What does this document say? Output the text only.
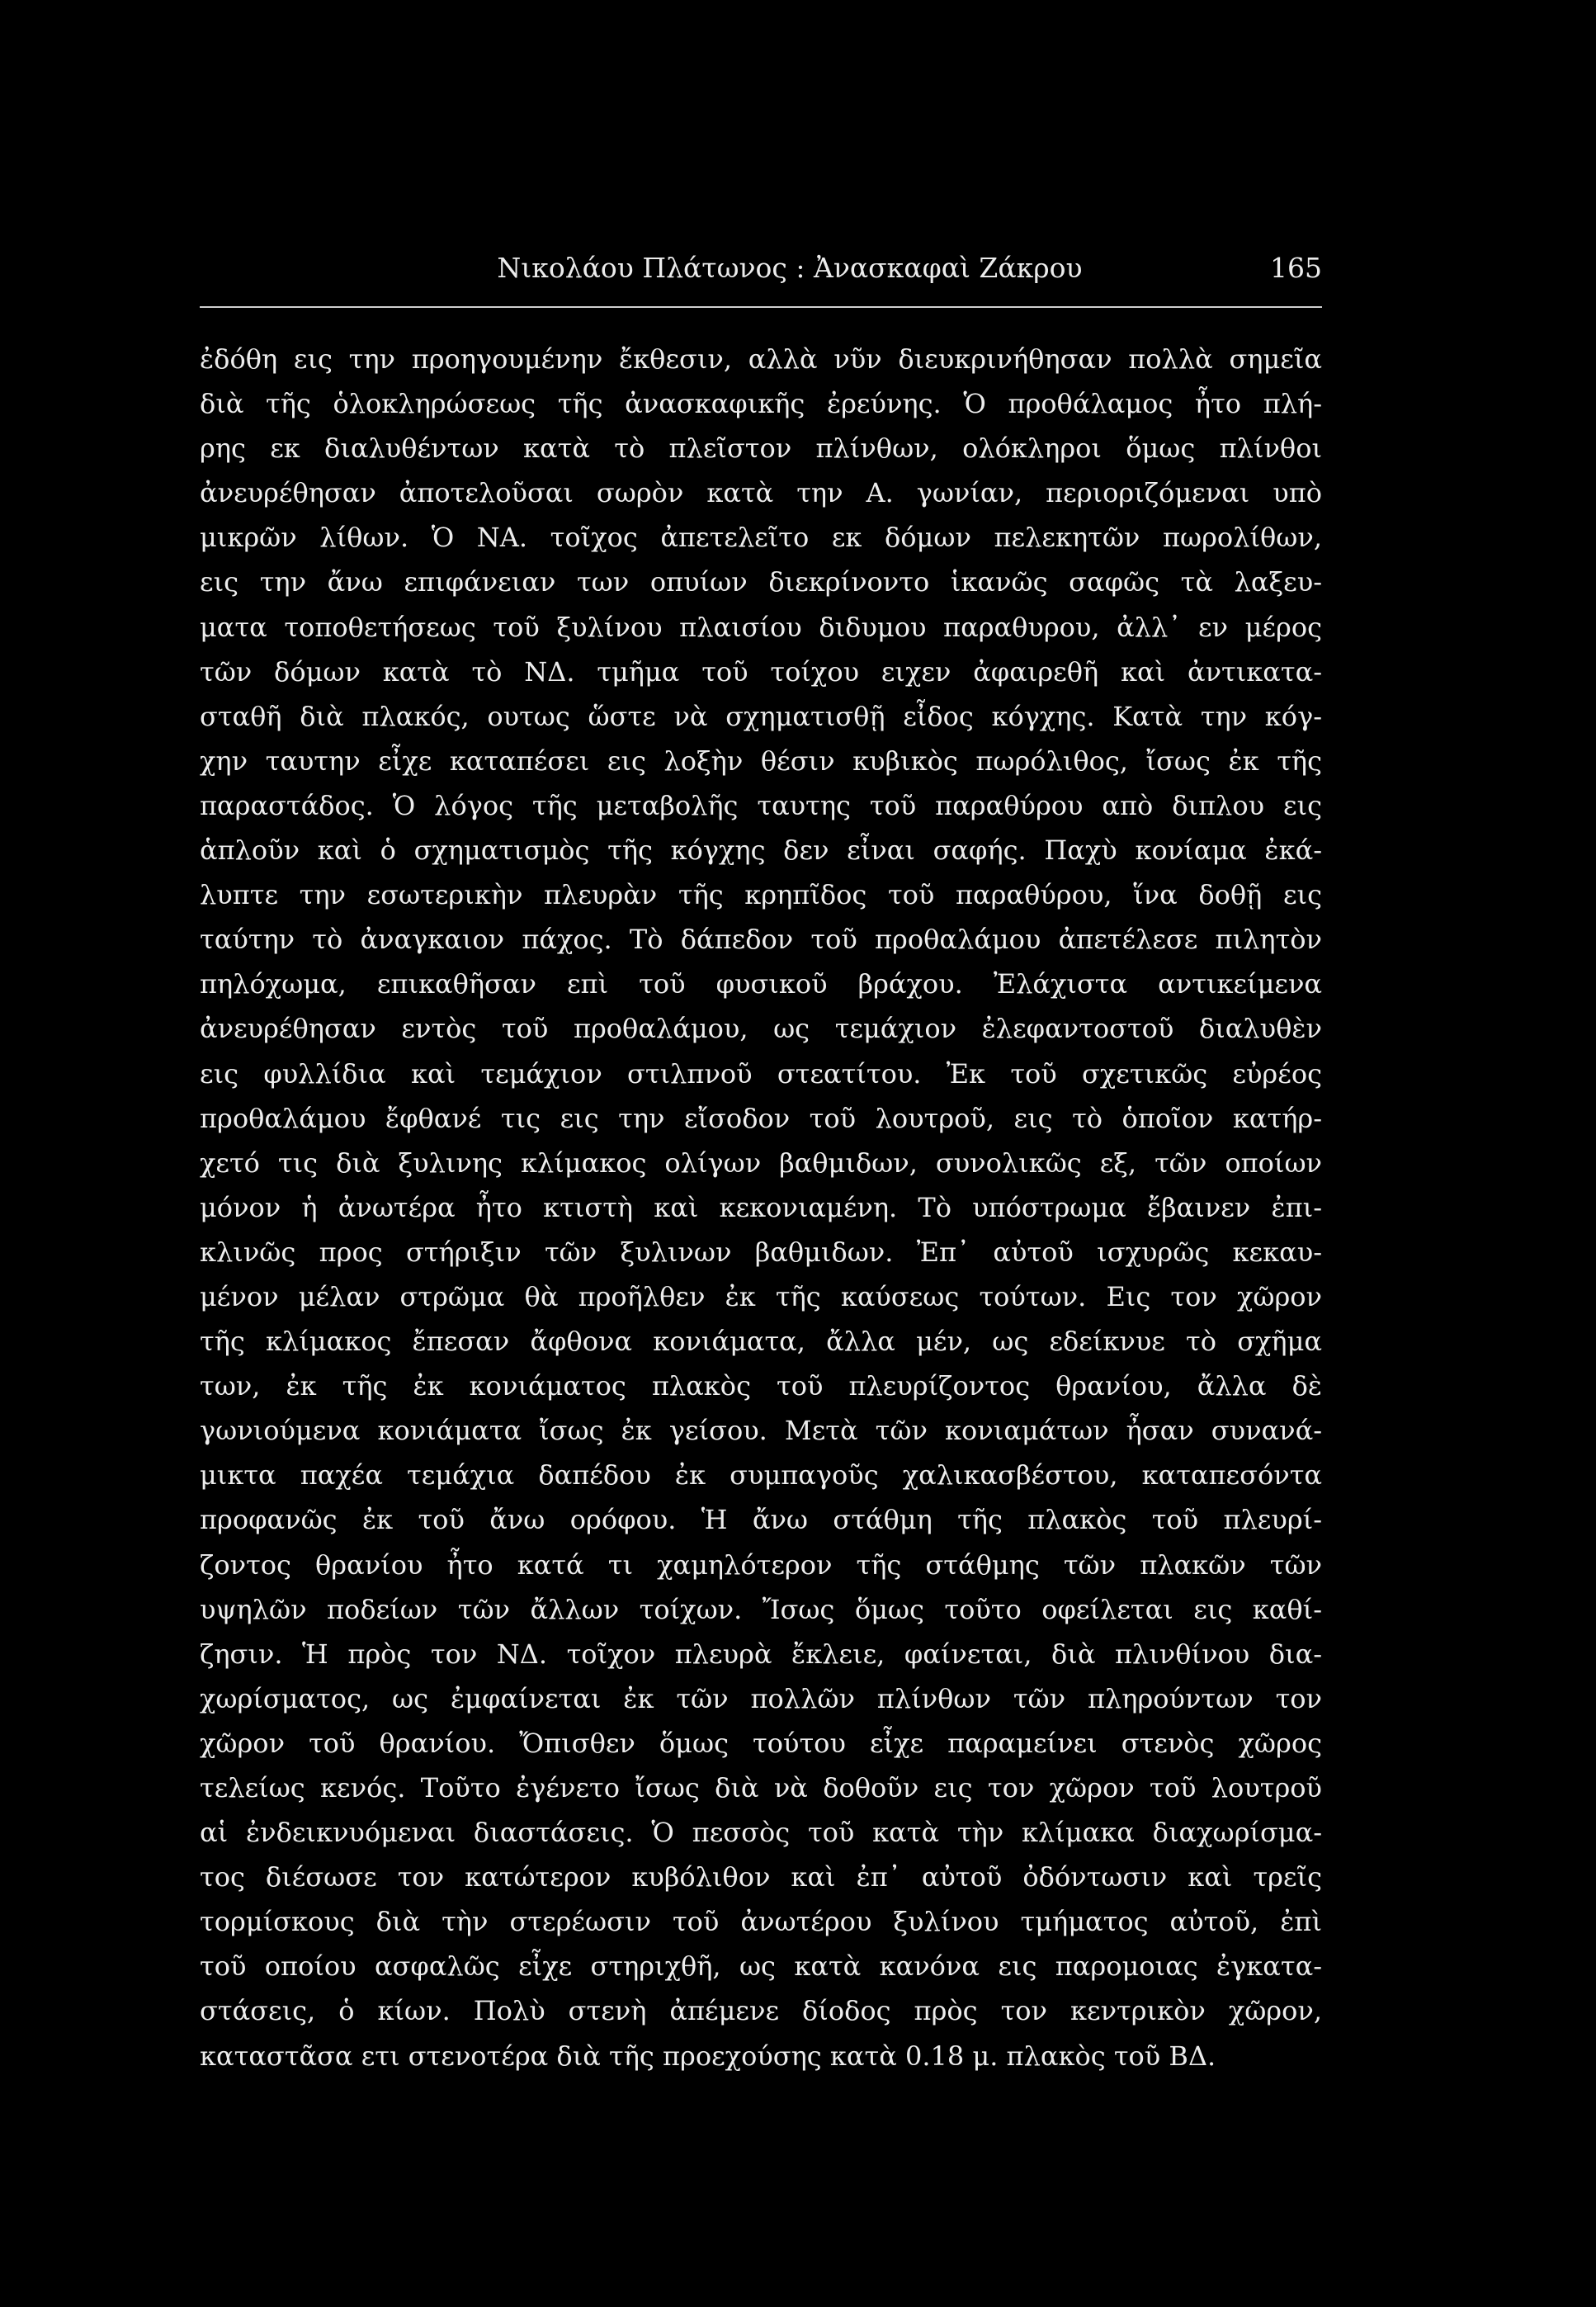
Νικολάου Πλάτωνος : Ἀνασκαφαὶ Ζάκρου	165
ἐδόθη εις την προηγουμένην ἔκθεσιν, αλλὰ νῦν διευκρινήθησαν πολλὰ σημεῖα
διὰ τῆς ὁλοκληρώσεως τῆς ἀνασκαφικῆς ἐρεύνης. Ὁ προθάλαμος ἦτο πλή-
ρης εκ διαλυθέντων κατὰ τὸ πλεῖστον πλίνθων, ολόκληροι ὅμως πλίνθοι
ἀνευρέθησαν ἀποτελοῦσαι σωρὸν κατὰ την Α. γωνίαν, περιοριζόμεναι υπὸ
μικρῶν λίθων. Ὁ ΝΑ. τοῖχος ἀπετελεῖτο εκ δόμων πελεκητῶν πωρολίθων,
εις την ἄνω επιφάνειαν των οπυίων διεκρίνοντο ἱκανῶς σαφῶς τὰ λαξευ-
ματα τοποθετήσεως τοῦ ξυλίνου πλαισίου διδυμου παραθυρου, ἀλλ᾽ εν μέρος
τῶν δόμων κατὰ τὸ ΝΔ. τμῆμα τοῦ τοίχου ειχεν ἀφαιρεθῆ καὶ ἀντικατα-
σταθῆ διὰ πλακός, ουτως ὥστε νὰ σχηματισθῇ εἶδος κόγχης. Κατὰ την κόγ-
χην ταυτην εἶχε καταπέσει εις λοξὴν θέσιν κυβικὸς πωρόλιθος, ἴσως ἐκ τῆς
παραστάδος. Ὁ λόγος τῆς μεταβολῆς ταυτης τοῦ παραθύρου απὸ διπλου εις
ἁπλοῦν καὶ ὁ σχηματισμὸς τῆς κόγχης δεν εἶναι σαφής. Παχὺ κονίαμα ἐκά-
λυπτε την εσωτερικὴν πλευρὰν τῆς κρηπῖδος τοῦ παραθύρου, ἵνα δοθῇ εις
ταύτην τὸ ἀναγκαιον πάχος. Τὸ δάπεδον τοῦ προθαλάμου ἀπετέλεσε πιλητὸν
πηλόχωμα, επικαθῆσαν επὶ τοῦ φυσικοῦ βράχου. Ἐλάχιστα αντικείμενα
ἀνευρέθησαν εντὸς τοῦ προθαλάμου, ως τεμάχιον ἐλεφαντοστοῦ διαλυθὲν
εις φυλλίδια καὶ τεμάχιον στιλπνοῦ στεατίτου. Ἐκ τοῦ σχετικῶς εὐρέος
προθαλάμου ἔφθανέ τις εις την εἴσοδον τοῦ λουτροῦ, εις τὸ ὁποῖον κατήρ-
χετό τις διὰ ξυλινης κλίμακος ολίγων βαθμιδων, συνολικῶς εξ, τῶν οποίων
μόνον ἡ ἀνωτέρα ἦτο κτιστὴ καὶ κεκονιαμένη. Τὸ υπόστρωμα ἔβαινεν ἐπι-
κλινῶς προς στήριξιν τῶν ξυλινων βαθμιδων. Ἐπ᾽ αὐτοῦ ισχυρῶς κεκαυ-
μένον μέλαν στρῶμα θὰ προῆλθεν ἐκ τῆς καύσεως τούτων. Εις τον χῶρον
τῆς κλίμακος ἔπεσαν ἄφθονα κονιάματα, ἄλλα μέν, ως εδείκνυε τὸ σχῆμα
των, ἐκ τῆς ἐκ κονιάματος πλακὸς τοῦ πλευρίζοντος θρανίου, ἄλλα δὲ
γωνιούμενα κονιάματα ἴσως ἐκ γείσου. Μετὰ τῶν κονιαμάτων ἦσαν συνανά-
μικτα παχέα τεμάχια δαπέδου ἐκ συμπαγοῦς χαλικασβέστου, καταπεσόντα
προφανῶς ἐκ τοῦ ἄνω ορόφου. Ἡ ἄνω στάθμη τῆς πλακὸς τοῦ πλευρί-
ζοντος θρανίου ἦτο κατά τι χαμηλότερον τῆς στάθμης τῶν πλακῶν τῶν
υψηλῶν ποδείων τῶν ἄλλων τοίχων. Ἴσως ὅμως τοῦτο οφείλεται εις καθί-
ζησιν. Ἡ πρὸς τον ΝΔ. τοῖχον πλευρὰ ἔκλειε, φαίνεται, διὰ πλινθίνου δια-
χωρίσματος, ως ἐμφαίνεται ἐκ τῶν πολλῶν πλίνθων τῶν πληρούντων τον
χῶρον τοῦ θρανίου. Ὄπισθεν ὅμως τούτου εἶχε παραμείνει στενὸς χῶρος
τελείως κενός. Τοῦτο ἐγένετο ἴσως διὰ νὰ δοθοῦν εις τον χῶρον τοῦ λουτροῦ
αἱ ἐνδεικνυόμεναι διαστάσεις. Ὁ πεσσὸς τοῦ κατὰ τὴν κλίμακα διαχωρίσμα-
τος διέσωσε τον κατώτερον κυβόλιθον καὶ ἐπ᾽ αὐτοῦ ὀδόντωσιν καὶ τρεῖς
τορμίσκους διὰ τὴν στερέωσιν τοῦ ἀνωτέρου ξυλίνου τμήματος αὐτοῦ, ἐπὶ
τοῦ οποίου ασφαλῶς εἶχε στηριχθῆ, ως κατὰ κανόνα εις παρομοιας ἐγκατα-
στάσεις, ὁ κίων. Πολὺ στενὴ ἀπέμενε δίοδος πρὸς τον κεντρικὸν χῶρον,
καταστᾶσα ετι στενοτέρα διὰ τῆς προεχούσης κατὰ 0.18 μ. πλακὸς τοῦ ΒΔ.
